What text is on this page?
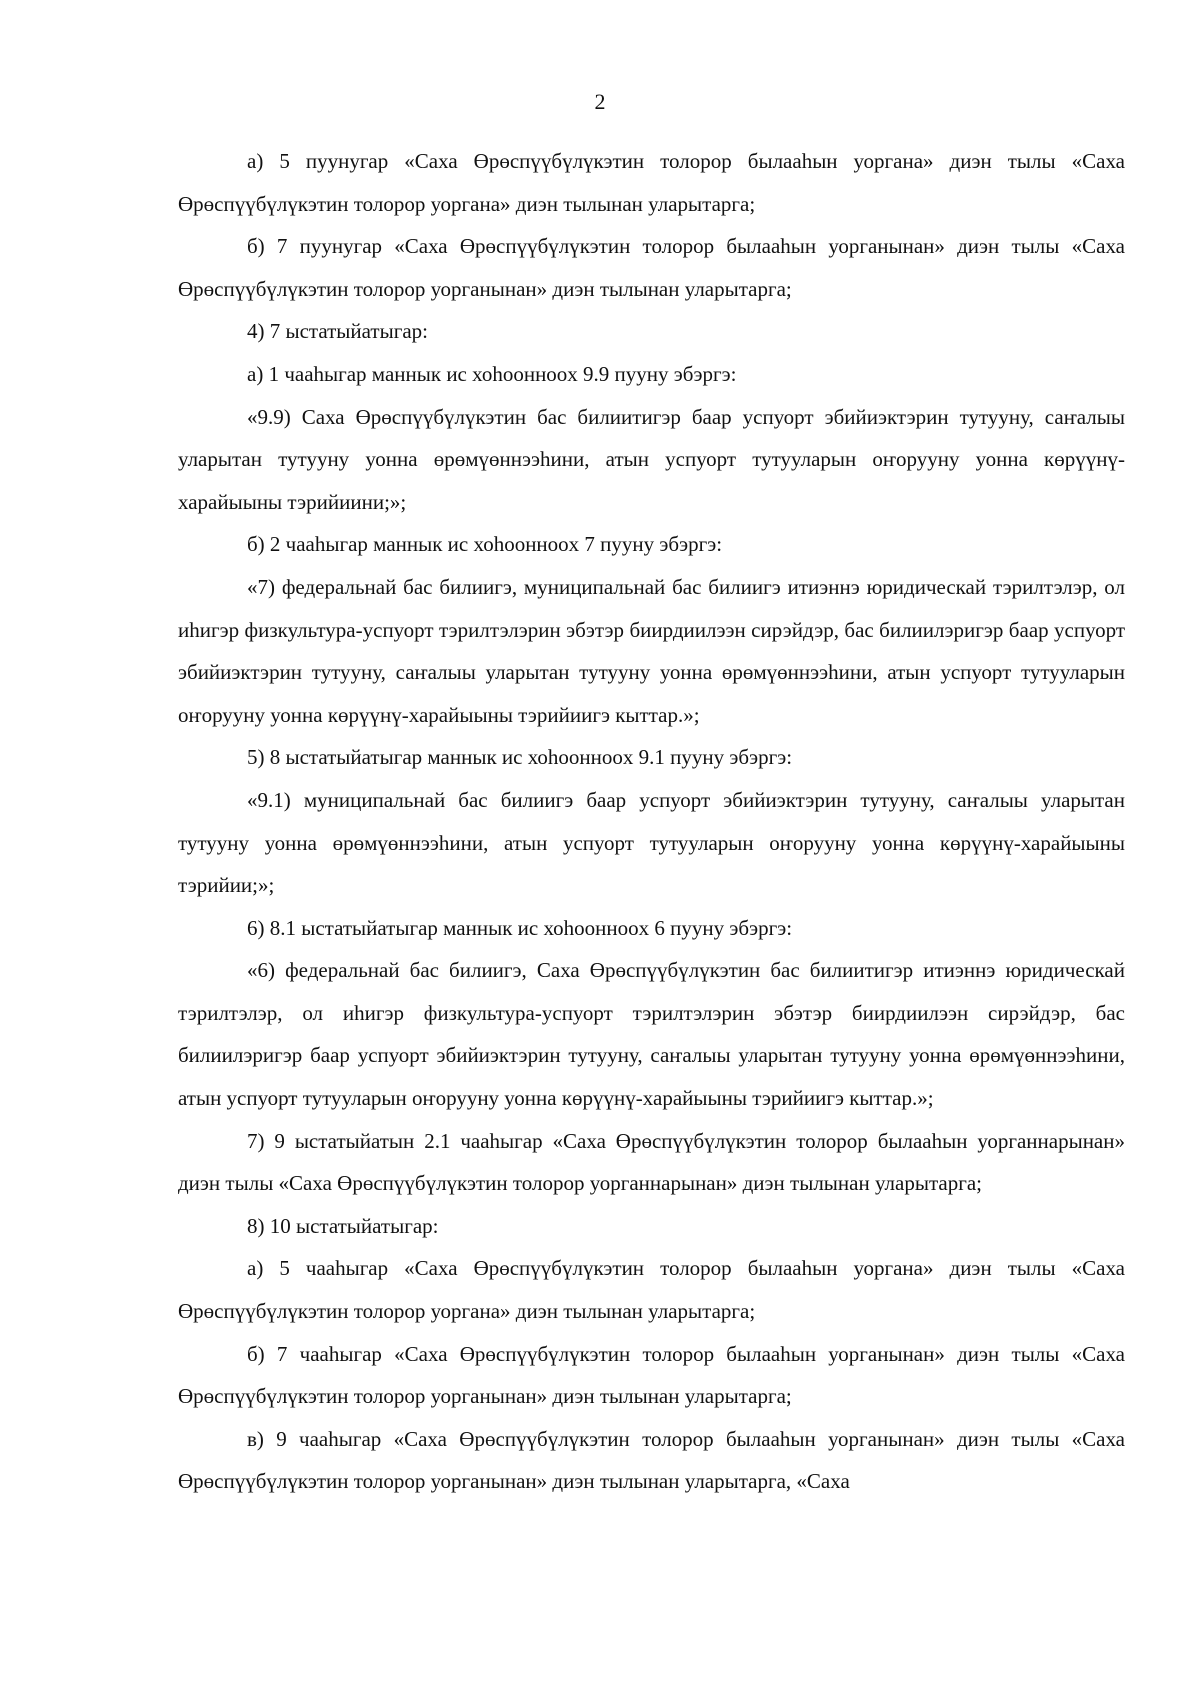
2

а) 5 пуунугар «Саха Өрөспүүбүлүкэтин толорор былааһын уоргана» диэн тылы «Саха Өрөспүүбүлүкэтин толорор уоргана» диэн тылынан уларытарга;

б) 7 пуунугар «Саха Өрөспүүбүлүкэтин толорор былааһын уорганынан» диэн тылы «Саха Өрөспүүбүлүкэтин толорор уорганынан» диэн тылынан уларытарга;

4) 7 ыстатыйатыгар:

а) 1 чааһыгар маннык ис хоһооннооx 9.9 пууну эбэргэ:

«9.9) Саха Өрөспүүбүлүкэтин бас билиитигэр баар успуорт эбийиэктэрин тутууну, саҥалыы уларытан тутууну уонна өрөмүөннээһини, атын успуорт тутууларын оҥорууну уонна көрүүнү-харайыыны тэрийиини;»;

б) 2 чааһыгар маннык ис хоһооннооx 7 пууну эбэргэ:

«7) федеральнай бас билиигэ, муниципальнай бас билиигэ итиэннэ юридическай тэрилтэлэр, ол иһигэр физкультура-успуорт тэрилтэлэрин эбэтэр биирдиилээн сирэйдэр, бас билиилэригэр баар успуорт эбийиэктэрин тутууну, саҥалыы уларытан тутууну уонна өрөмүөннээһини, атын успуорт тутууларын оҥорууну уонна көрүүнү-харайыыны тэрийиигэ кыттар.»;

5) 8 ыстатыйатыгар маннык ис хоһооннооx 9.1 пууну эбэргэ:

«9.1) муниципальнай бас билиигэ баар успуорт эбийиэктэрин тутууну, саҥалыы уларытан тутууну уонна өрөмүөннээһини, атын успуорт тутууларын оҥорууну уонна көрүүнү-харайыыны тэрийии;»;

6) 8.1 ыстатыйатыгар маннык ис хоһооннооx 6 пууну эбэргэ:

«6) федеральнай бас билиигэ, Саха Өрөспүүбүлүкэтин бас билиитигэр итиэннэ юридическай тэрилтэлэр, ол иһигэр физкультура-успуорт тэрилтэлэрин эбэтэр биирдиилээн сирэйдэр, бас билиилэригэр баар успуорт эбийиэктэрин тутууну, саҥалыы уларытан тутууну уонна өрөмүөннээһини, атын успуорт тутууларын оҥорууну уонна көрүүнү-харайыыны тэрийиигэ кыттар.»;

7) 9 ыстатыйатын 2.1 чааһыгар «Саха Өрөспүүбүлүкэтин толорор былааһын уорганнарынан» диэн тылы «Саха Өрөспүүбүлүкэтин толорор уорганнарынан» диэн тылынан уларытарга;

8) 10 ыстатыйатыгар:

а) 5 чааһыгар «Саха Өрөспүүбүлүкэтин толорор былааһын уоргана» диэн тылы «Саха Өрөспүүбүлүкэтин толорор уоргана» диэн тылынан уларытарга;

б) 7 чааһыгар «Саха Өрөспүүбүлүкэтин толорор былааһын уорганынан» диэн тылы «Саха Өрөспүүбүлүкэтин толорор уорганынан» диэн тылынан уларытарга;

в) 9 чааһыгар «Саха Өрөспүүбүлүкэтин толорор былааһын уорганынан» диэн тылы «Саха Өрөспүүбүлүкэтин толорор уорганынан» диэн тылынан уларытарга, «Саха
